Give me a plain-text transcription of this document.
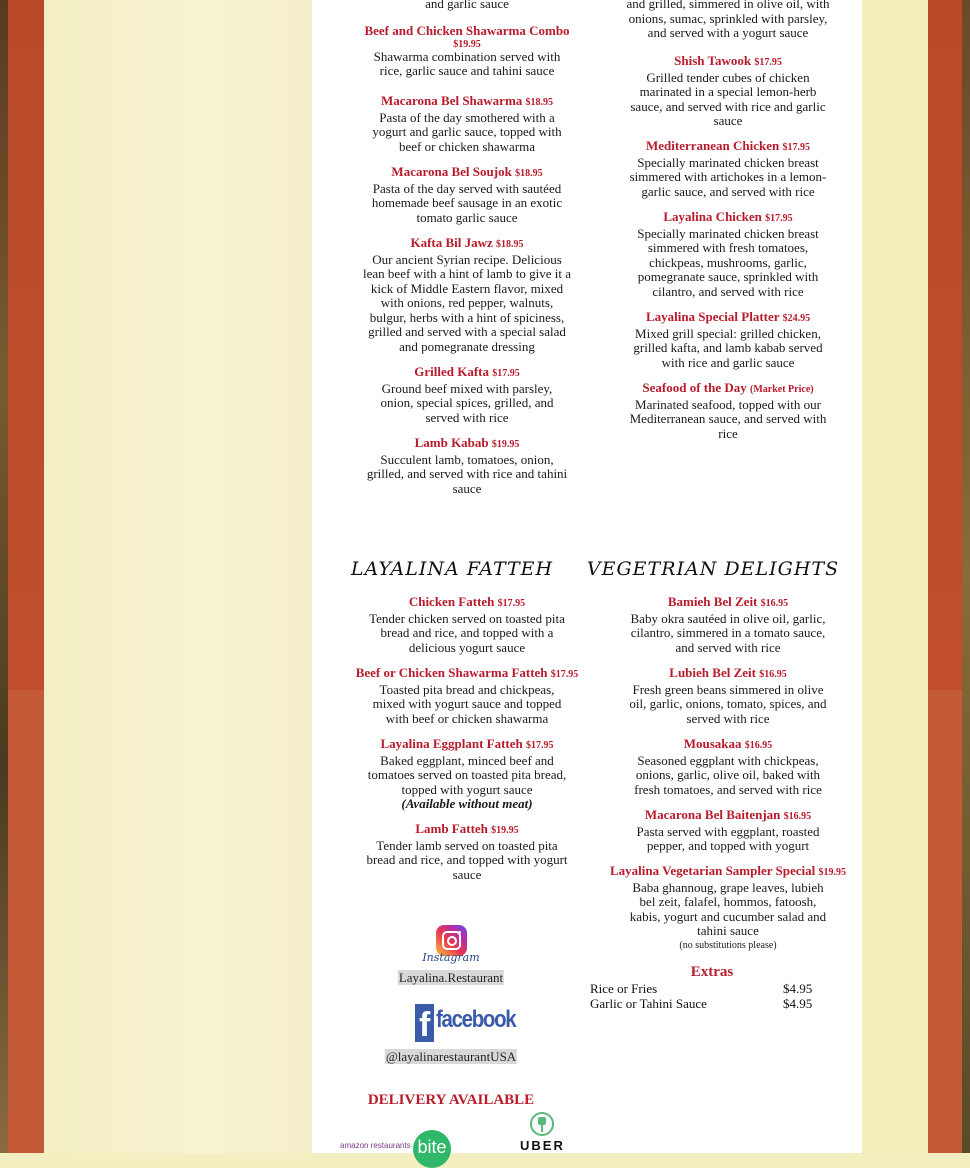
and garlic sauce
Beef and Chicken Shawarma Combo
$19.95
Shawarma combination served with
rice, garlic sauce and tahini sauce
Macarona Bel Shawarma $18.95
Pasta of the day smothered with a
yogurt and garlic sauce, topped with
beef or chicken shawarma
Macarona Bel Soujok $18.95
Pasta of the day served with sautéed
homemade beef sausage in an exotic
tomato garlic sauce
Kafta Bil Jawz $18.95
Our ancient Syrian recipe. Delicious
lean beef with a hint of lamb to give it a
kick of Middle Eastern flavor, mixed
with onions, red pepper, walnuts,
bulgur, herbs with a hint of spiciness,
grilled and served with a special salad
and pomegranate dressing
Grilled Kafta $17.95
Ground beef mixed with parsley,
onion, special spices, grilled, and
served with rice
Lamb Kabab $19.95
Succulent lamb, tomatoes, onion,
grilled, and served with rice and tahini
sauce
and grilled, simmered in olive oil, with
onions, sumac, sprinkled with parsley,
and served with a yogurt sauce
Shish Tawook $17.95
Grilled tender cubes of chicken
marinated in a special lemon-herb
sauce, and served with rice and garlic
sauce
Mediterranean Chicken $17.95
Specially marinated chicken breast
simmered with artichokes in a lemon-
garlic sauce, and served with rice
Layalina Chicken $17.95
Specially marinated chicken breast
simmered with fresh tomatoes,
chickpeas, mushrooms, garlic,
pomegranate sauce, sprinkled with
cilantro, and served with rice
Layalina Special Platter $24.95
Mixed grill special: grilled chicken,
grilled kafta, and lamb kabab served
with rice and garlic sauce
Seafood of the Day (Market Price)
Marinated seafood, topped with our
Mediterranean sauce, and served with
rice
Chicken Fatteh $17.95
Tender chicken served on toasted pita
bread and rice, and topped with a
delicious yogurt sauce
Beef or Chicken Shawarma Fatteh $17.95
Toasted pita bread and chickpeas,
mixed with yogurt sauce and topped
with beef or chicken shawarma
Layalina Eggplant Fatteh $17.95
Baked eggplant, minced beef and
tomatoes served on toasted pita bread,
topped with yogurt sauce
(Available without meat)
Lamb Fatteh $19.95
Tender lamb served on toasted pita
bread and rice, and topped with yogurt
sauce
Bamieh Bel Zeit $16.95
Baby okra sautéed in olive oil, garlic,
cilantro, simmered in a tomato sauce,
and served with rice
Lubieh Bel Zeit $16.95
Fresh green beans simmered in olive
oil, garlic, onions, tomato, spices, and
served with rice
Mousakaa $16.95
Seasoned eggplant with chickpeas,
onions, garlic, olive oil, baked with
fresh tomatoes, and served with rice
Macarona Bel Baitenjan $16.95
Pasta served with eggplant, roasted
pepper, and topped with yogurt
Layalina Vegetarian Sampler Special $19.95
Baba ghannoug, grape leaves, lubieh
bel zeit, falafel, hommos, fatoosh,
kabis, yogurt and cucumber salad and
tahini sauce
(no substitutions please)
LAYALINA FATTEH VEGETRIAN DELIGHTS
Instagram
Layalina.Restaurant
f facebook
@layalinarestaurantUSA
Extras
Rice or Fries	$4.95
Garlic or Tahini Sauce	$4.95
DELIVERY AVAILABLE
amazon restaurants bite	UBER
